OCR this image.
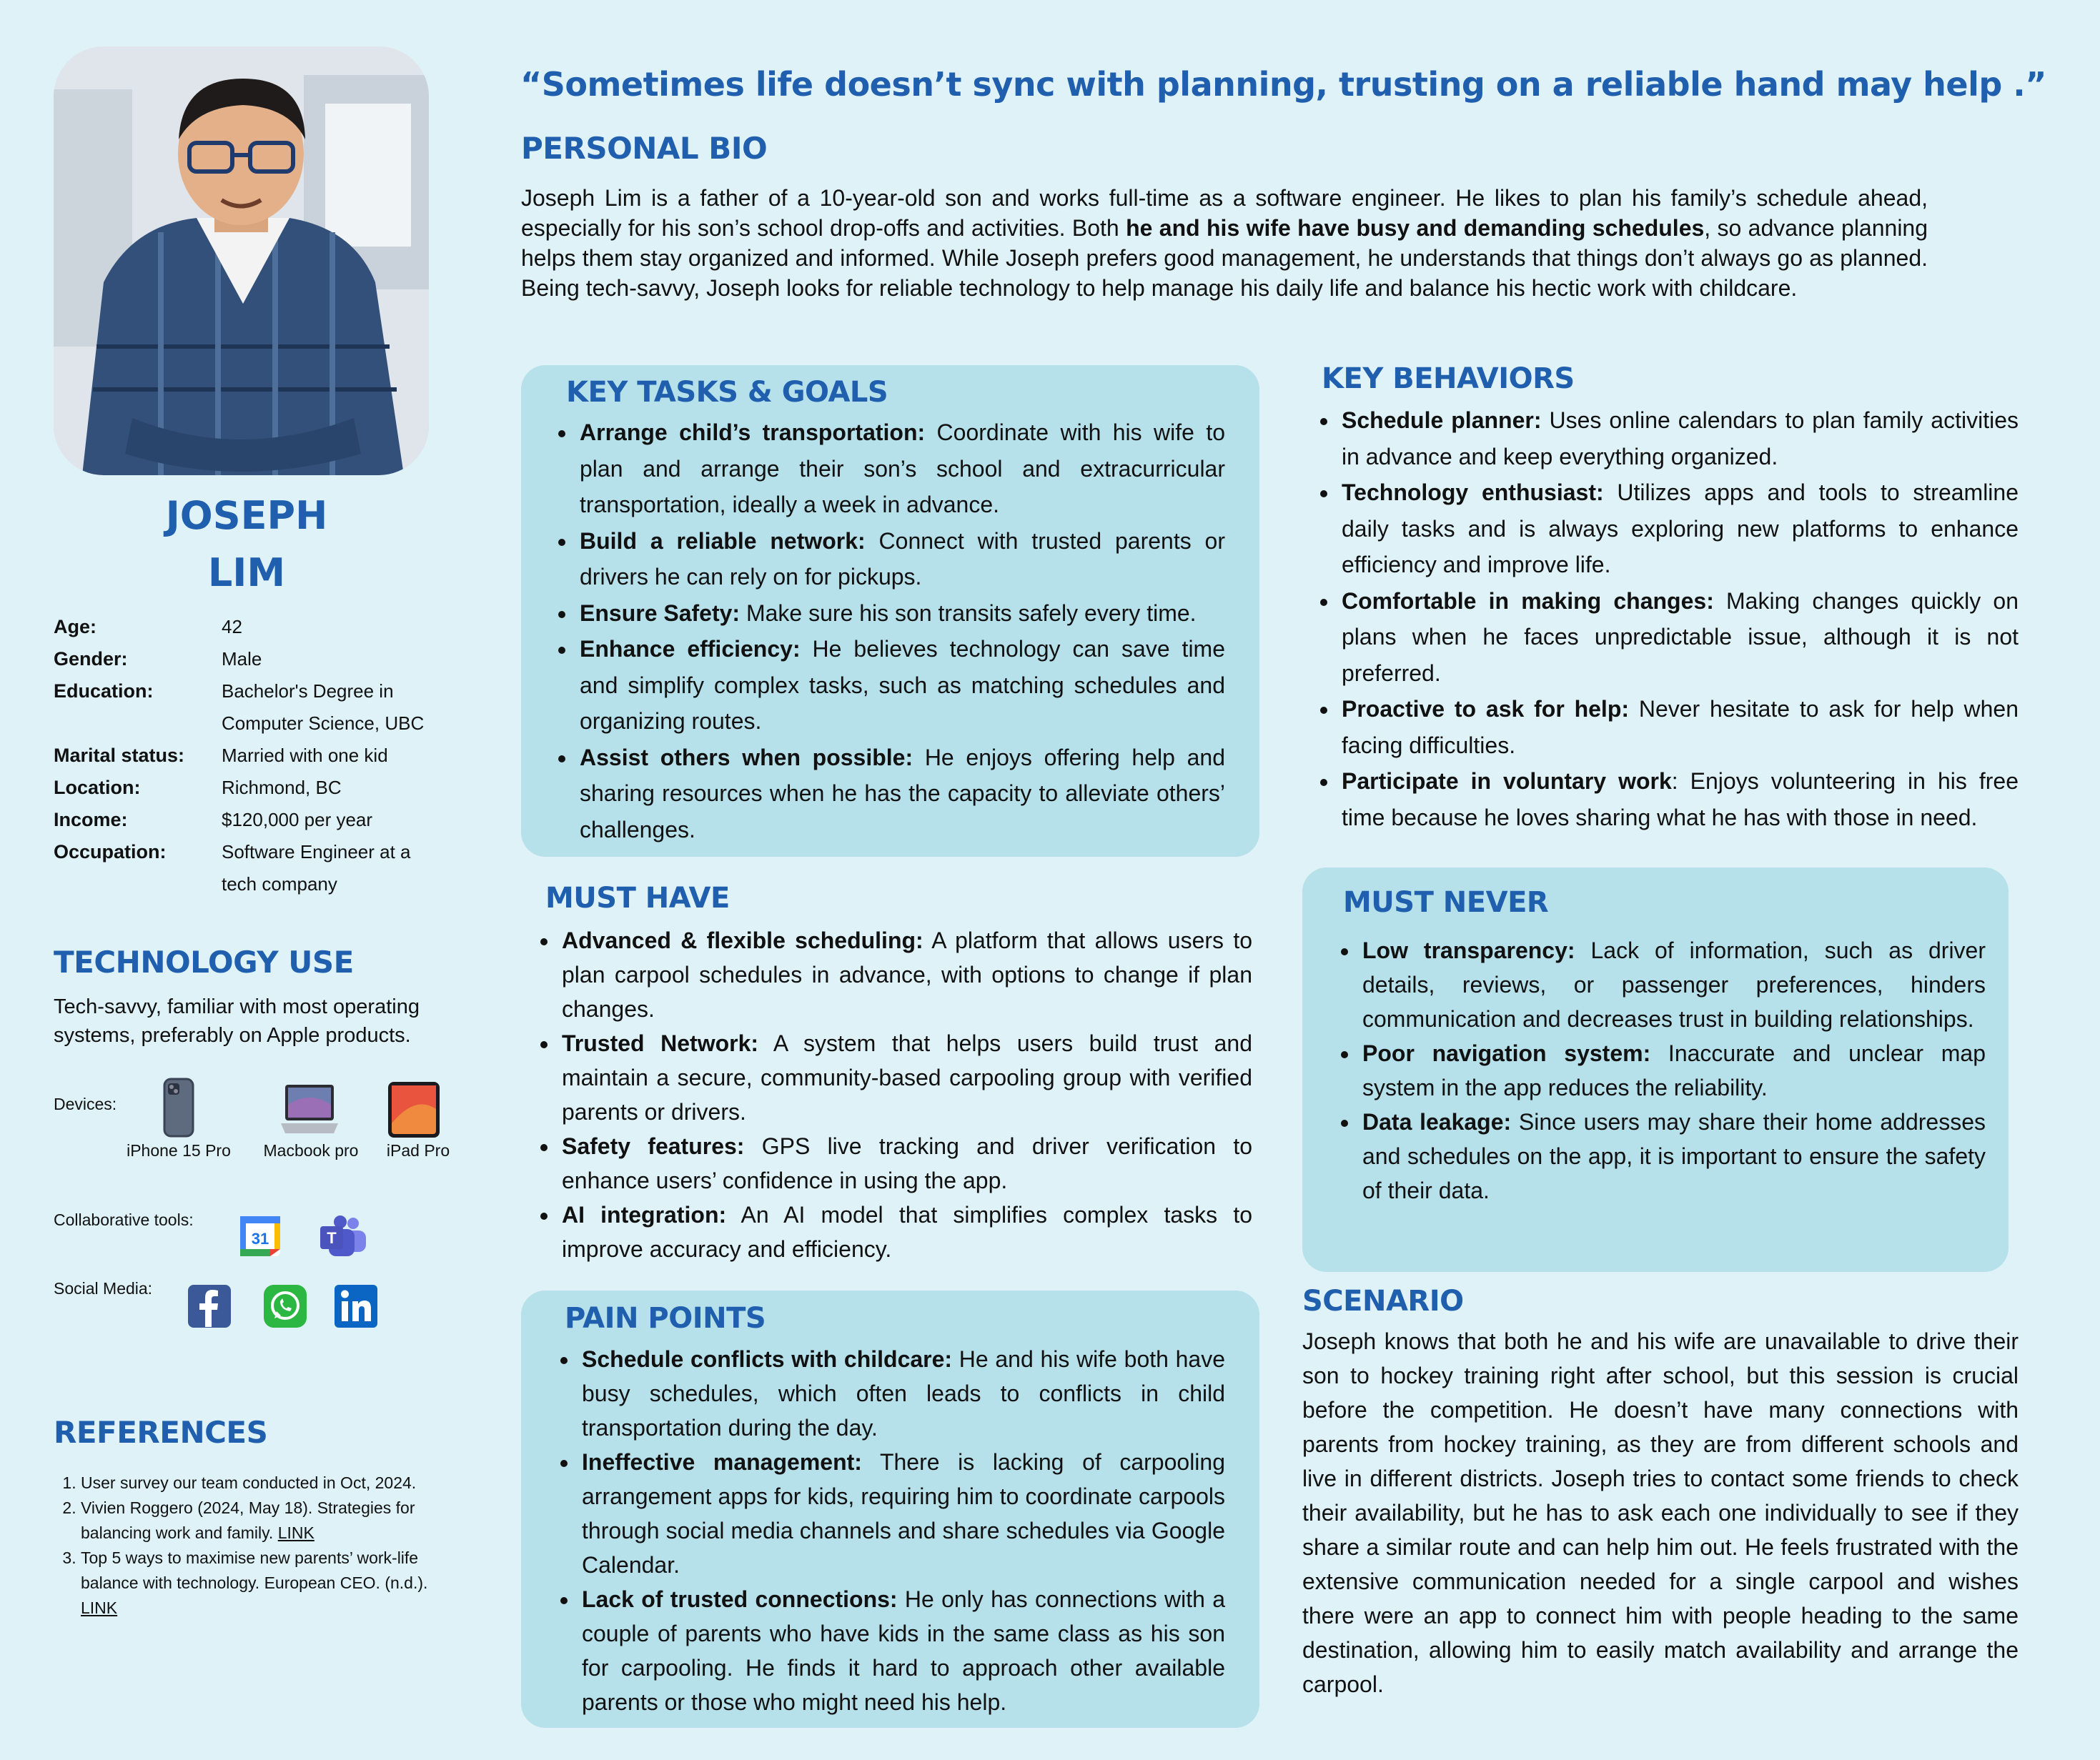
“Sometimes life doesn’t sync with planning, trusting on a reliable hand may help .”
JOSEPH
LIM
Age:	42
Gender:	Male
Education:	Bachelor's Degree in Computer Science, UBC
Marital status:	Married with one kid
Location:	Richmond, BC
Income:	$120,000 per year
Occupation:	Software Engineer at a tech company
TECHNOLOGY USE
Tech-savvy, familiar with most operating systems, preferably on Apple products.
Devices:
iPhone 15 Pro	Macbook pro	iPad Pro
Collaborative tools:
31	T
Social Media:
REFERENCES
1. User survey our team conducted in Oct, 2024.
2. Vivien Roggero (2024, May 18). Strategies for balancing work and family. LINK
3. Top 5 ways to maximise new parents’ work-life balance with technology. European CEO. (n.d.). LINK
PERSONAL BIO
Joseph Lim is a father of a 10-year-old son and works full-time as a software engineer. He likes to plan his family’s schedule ahead, especially for his son’s school drop-offs and activities. Both he and his wife have busy and demanding schedules, so advance planning helps them stay organized and informed. While Joseph prefers good management, he understands that things don’t always go as planned. Being tech-savvy, Joseph looks for reliable technology to help manage his daily life and balance his hectic work with childcare.
KEY TASKS & GOALS
• Arrange child’s transportation: Coordinate with his wife to plan and arrange their son’s school and extracurricular transportation, ideally a week in advance.
• Build a reliable network: Connect with trusted parents or drivers he can rely on for pickups.
• Ensure Safety: Make sure his son transits safely every time.
• Enhance efficiency: He believes technology can save time and simplify complex tasks, such as matching schedules and organizing routes.
• Assist others when possible: He enjoys offering help and sharing resources when he has the capacity to alleviate others’ challenges.
KEY BEHAVIORS
• Schedule planner: Uses online calendars to plan family activities in advance and keep everything organized.
• Technology enthusiast: Utilizes apps and tools to streamline daily tasks and is always exploring new platforms to enhance efficiency and improve life.
• Comfortable in making changes: Making changes quickly on plans when he faces unpredictable issue, although it is not preferred.
• Proactive to ask for help: Never hesitate to ask for help when facing difficulties.
• Participate in voluntary work: Enjoys volunteering in his free time because he loves sharing what he has with those in need.
MUST HAVE
• Advanced & flexible scheduling: A platform that allows users to plan carpool schedules in advance, with options to change if plan changes.
• Trusted Network: A system that helps users build trust and maintain a secure, community-based carpooling group with verified parents or drivers.
• Safety features: GPS live tracking and driver verification to enhance users’ confidence in using the app.
• AI integration: An AI model that simplifies complex tasks to improve accuracy and efficiency.
MUST NEVER
• Low transparency: Lack of information, such as driver details, reviews, or passenger preferences, hinders communication and decreases trust in building relationships.
• Poor navigation system: Inaccurate and unclear map system in the app reduces the reliability.
• Data leakage: Since users may share their home addresses and schedules on the app, it is important to ensure the safety of their data.
PAIN POINTS
• Schedule conflicts with childcare: He and his wife both have busy schedules, which often leads to conflicts in child transportation during the day.
• Ineffective management: There is lacking of carpooling arrangement apps for kids, requiring him to coordinate carpools through social media channels and share schedules via Google Calendar.
• Lack of trusted connections: He only has connections with a couple of parents who have kids in the same class as his son for carpooling. He finds it hard to approach other available parents or those who might need his help.
SCENARIO
Joseph knows that both he and his wife are unavailable to drive their son to hockey training right after school, but this session is crucial before the competition. He doesn’t have many connections with parents from hockey training, as they are from different schools and live in different districts. Joseph tries to contact some friends to check their availability, but he has to ask each one individually to see if they share a similar route and can help him out. He feels frustrated with the extensive communication needed for a single carpool and wishes there were an app to connect him with people heading to the same destination, allowing him to easily match availability and arrange the carpool.
